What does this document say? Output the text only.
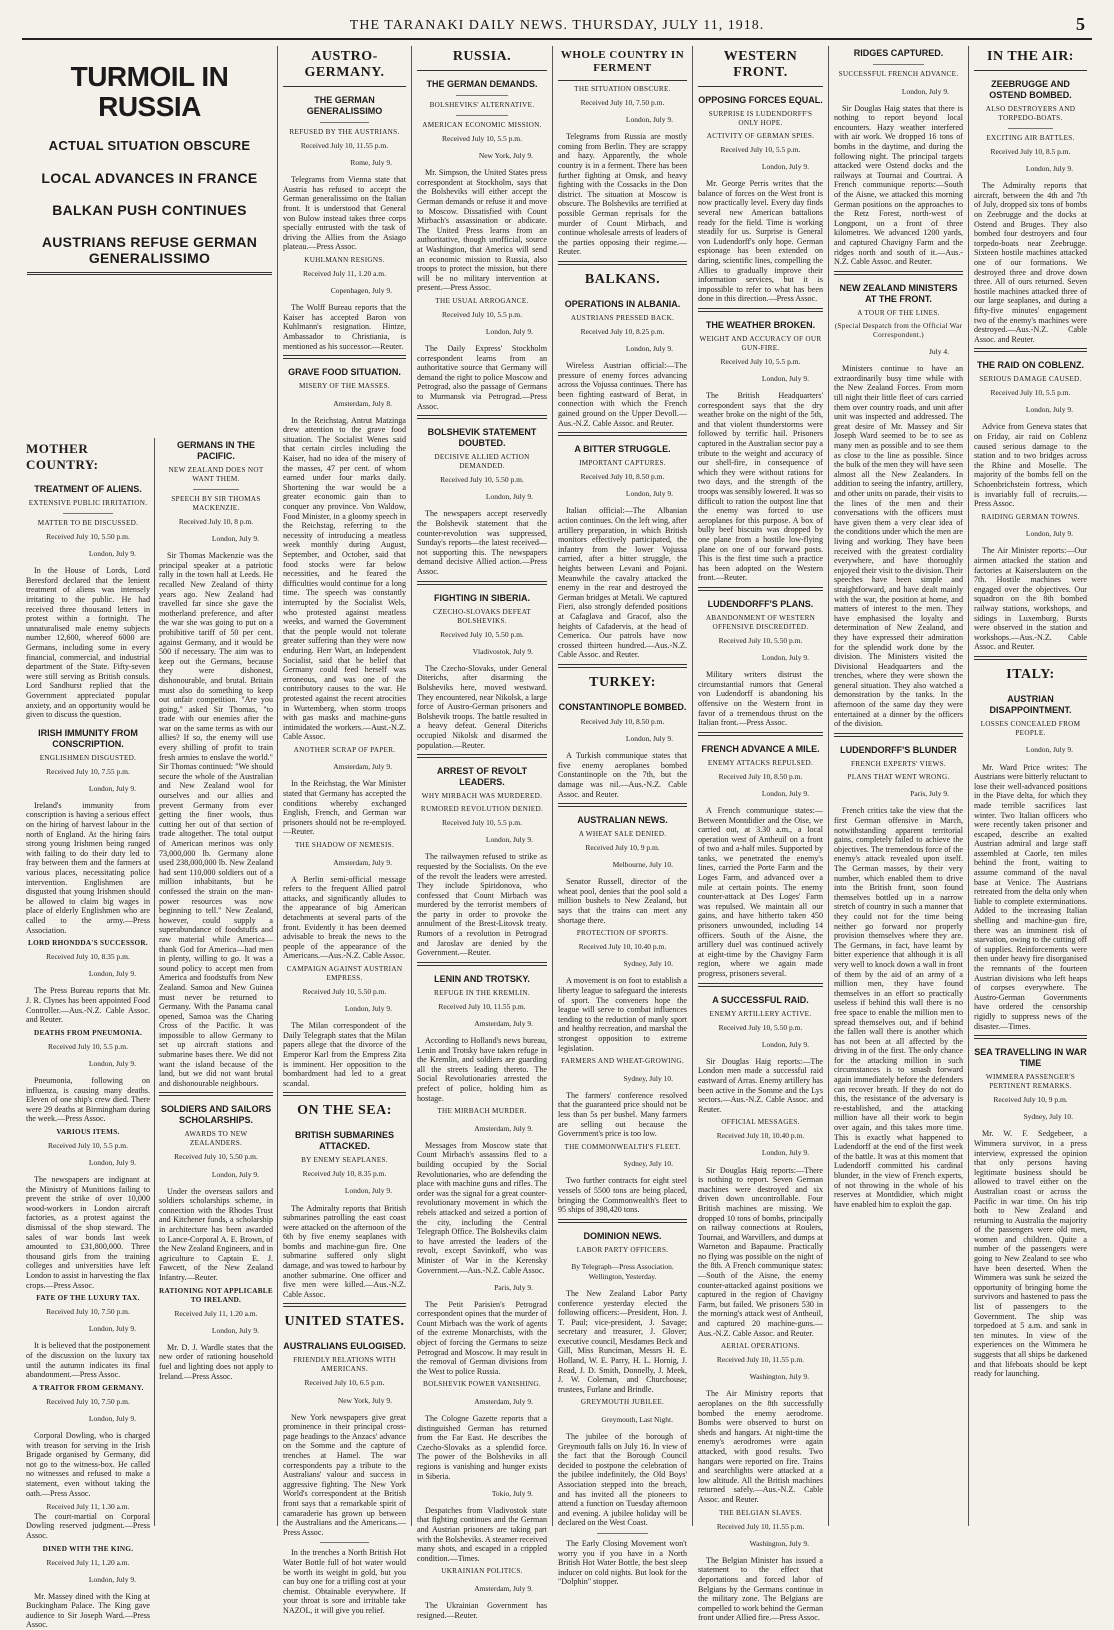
THE TARANAKI DAILY NEWS. THURSDAY, JULY 11, 1918.	5

TURMOIL IN RUSSIA

ACTUAL SITUATION OBSCURE

LOCAL ADVANCES IN FRANCE

BALKAN PUSH CONTINUES

AUSTRIANS REFUSE GERMAN GENERALISSIMO

MOTHER COUNTRY:

TREATMENT OF ALIENS.

EXTENSIVE PUBLIC IRRITATION.

MATTER TO BE DISCUSSED.

Received July 10, 5.50 p.m.

London, July 9.

In the House of Lords, Lord Beresford declared that the lenient treatment of aliens was intensely irritating to the public. He had received three thousand letters in protest within a fortnight. The unnaturalised male enemy subjects number 12,600, whereof 6000 are Germans, including some in every financial, commercial, and industrial department of the State. Fifty-seven were still serving as British consuls. Lord Sandhurst replied that the Government appreciated popular anxiety, and an opportunity would be given to discuss the question.

IRISH IMMUNITY FROM CONSCRIPTION.

ENGLISHMEN DISGUSTED.

Received July 10, 7.55 p.m.

London, July 9.

Ireland's immunity from conscription is having a serious effect on the hiring of harvest labour in the north of England. At the hiring fairs strong young Irishmen being ranged with failing to do their duty led to fray between them and the farmers at various places, necessitating police intervention. Englishmen are disgusted that young Irishmen should be allowed to claim big wages in place of elderly Englishmen who are called to the army.—Press Association.

LORD RHONDDA'S SUCCESSOR.

Received July 10, 8.35 p.m.

London, July 9.

The Press Bureau reports that Mr. J. R. Clynes has been appointed Food Controller.—Aus.-N.Z. Cable Assoc. and Reuter.

DEATHS FROM PNEUMONIA.

Received July 10, 5.5 p.m.

London, July 9.

Pneumonia, following on influenza, is causing many deaths. Eleven of one ship's crew died. There were 29 deaths at Birmingham during the week.—Press Assoc.

VARIOUS ITEMS.

Received July 10, 5.5 p.m.

London, July 9.

The newspapers are indignant at the Ministry of Munitions failing to prevent the strike of over 10,000 wood-workers in London aircraft factories, as a protest against the dismissal of the shop steward. The sales of war bonds last week amounted to £31,800,000. Three thousand girls from the training colleges and universities have left London to assist in harvesting the flax crops.—Press Assoc.

FATE OF THE LUXURY TAX.

Received July 10, 7.50 p.m.

London, July 9.

It is believed that the postponement of the discussion on the luxury tax until the autumn indicates its final abandonment.—Press Assoc.

A TRAITOR FROM GERMANY.

Received July 10, 7.50 p.m.

London, July 9.

Corporal Dowling, who is charged with treason for serving in the Irish Brigade organised by Germany, did not go to the witness-box. He called no witnesses and refused to make a statement, even without taking the oath.—Press Assoc.

Received July 11, 1.30 a.m.

The court-martial on Corporal Dowling reserved judgment.—Press Assoc.

DINED WITH THE KING.

Received July 11, 1.20 a.m.

London, July 9.

Mr. Massey dined with the King at Buckingham Palace. The King gave audience to Sir Joseph Ward.—Press Assoc.

GERMANS IN THE PACIFIC.

NEW ZEALAND DOES NOT WANT THEM.

SPEECH BY SIR THOMAS MACKENZIE.

Received July 10, 8 p.m.

London, July 9.

Sir Thomas Mackenzie was the principal speaker at a patriotic rally in the town hall at Leeds. He recalled New Zealand of thirty years ago. New Zealand had travelled far since she gave the motherland preference, and after the war she was going to put on a prohibitive tariff of 50 per cent. against Germany, and it would be 500 if necessary. The aim was to keep out the Germans, because they were dishonest, dishonourable, and brutal. Britain must also do something to keep out unfair competition. "Are you going," asked Sir Thomas, "to trade with our enemies after the war on the same terms as with our allies? If so, the enemy will use every shilling of profit to train fresh armies to enslave the world." Sir Thomas continued: "We should secure the whole of the Australian and New Zealand wool for ourselves and our allies and prevent Germany from ever getting the finer wools, thus cutting her out of that section of trade altogether. The total output of American merinos was only 73,000,000 lb. Germany alone used 238,000,000 lb. New Zealand had sent 110,000 soldiers out of a million inhabitants, but he confessed the strain on the man-power resources was now beginning to tell." New Zealand, however, could supply a superabundance of foodstuffs and raw material while America—thank God for America—had men in plenty, willing to go. It was a sound policy to accept men from America and foodstuffs from New Zealand. Samoa and New Guinea must never be returned to Germany. With the Panama canal opened, Samoa was the Charing Cross of the Pacific. It was impossible to allow Germany to set up aircraft stations and submarine bases there. We did not want the island because of the land, but we did not want brutal and dishonourable neighbours.

SOLDIERS AND SAILORS SCHOLARSHIPS.

AWARDS TO NEW ZEALANDERS.

Received July 10, 5.50 p.m.

London, July 9.

Under the overseas sailors and soldiers scholarships scheme, in connection with the Rhodes Trust and Kitchener funds, a scholarship in architecture has been awarded to Lance-Corporal A. E. Brown, of the New Zealand Engineers, and in agriculture to Captain E. J. Fawcett, of the New Zealand Infantry.—Reuter.

RATIONING NOT APPLICABLE TO IRELAND.

Received July 11, 1.20 a.m.

London, July 9.

Mr. D. J. Wardle states that the new order of rationing household fuel and lighting does not apply to Ireland.—Press Assoc.

AUSTRO-GERMANY.

THE GERMAN GENERALISSIMO

REFUSED BY THE AUSTRIANS.

Received July 10, 11.55 p.m.

Rome, July 9.

Telegrams from Vienna state that Austria has refused to accept the German generalissimo on the Italian front. It is understood that General von Bulow instead takes three corps specially entrusted with the task of driving the Allies from the Asiago plateau.—Press Assoc.

KUHLMANN RESIGNS.

Received July 11, 1.20 a.m.

Copenhagen, July 9.

The Wolff Bureau reports that the Kaiser has accepted Baron von Kuhlmann's resignation. Hintze, Ambassador to Christiania, is mentioned as his successor.—Reuter.

GRAVE FOOD SITUATION.

MISERY OF THE MASSES.

Amsterdam, July 8.

In the Reichstag, Antrut Matzinga drew attention to the grave food situation. The Socialist Wenes said that certain circles including the Kaiser, had no idea of the misery of the masses, 47 per cent. of whom earned under four marks daily. Shortening the war would be a greater economic gain than to conquer any province. Von Waldow, Food Minister, in a gloomy speech in the Reichstag, referring to the necessity of introducing a meatless week monthly during August, September, and October, said that food stocks were far below necessities, and he feared the difficulties would continue for a long time. The speech was constantly interrupted by the Socialist Wels, who protested against meatless weeks, and warned the Government that the people would not tolerate greater suffering than they were now enduring. Herr Wart, an Independent Socialist, said that he belief that Germany could feed herself was erroneous, and was one of the contributory causes to the war. He protested against the recent atrocities in Wurtemberg, when storm troops with gas masks and machine-guns intimidated the workers.—Aust.-N.Z. Cable Assoc.

ANOTHER SCRAP OF PAPER.

Amsterdam, July 9.

In the Reichstag, the War Minister stated that Germany has accepted the conditions whereby exchanged English, French, and German war prisoners should not be re-employed.—Reuter.

THE SHADOW OF NEMESIS.

Amsterdam, July 9.

A Berlin semi-official message refers to the frequent Allied patrol attacks, and significantly alludes to the appearance of big American detachments at several parts of the front. Evidently it has been deemed advisable to break the news to the people of the appearance of the Americans.—Aus.-N.Z. Cable Assoc.

CAMPAIGN AGAINST AUSTRIAN EMPRESS.

Received July 10, 5.50 p.m.

London, July 9.

The Milan correspondent of the Daily Telegraph states that the Milan papers allege that the divorce of the Emperor Karl from the Empress Zita is imminent. Her opposition to the bombardment had led to a great scandal.

ON THE SEA:

BRITISH SUBMARINES ATTACKED.

BY ENEMY SEAPLANES.

Received July 10, 8.35 p.m.

London, July 9.

The Admiralty reports that British submarines patrolling the east coast were attacked on the afternoon of the 6th by five enemy seaplanes with bombs and machine-gun fire. One submarine suffered only slight damage, and was towed to harbour by another submarine. One officer and five men were killed.—Aus.-N.Z. Cable Assoc.

UNITED STATES.

AUSTRALIANS EULOGISED.

FRIENDLY RELATIONS WITH AMERICANS.

Received July 10, 6.5 p.m.

New York, July 9.

New York newspapers give great prominence in their principal cross-page headings to the Anzacs' advance on the Somme and the capture of trenches at Hamel. The war correspondents pay a tribute to the Australians' valour and success in aggressive fighting. The New York World's correspondent at the British front says that a remarkable spirit of camaraderie has grown up between the Australians and the Americans.—Press Assoc.

In the trenches a North British Hot Water Bottle full of hot water would be worth its weight in gold, but you can buy one for a trifling cost at your chemist. Obtainable everywhere. If your throat is sore and irritable take NAZOL, it will give you relief.

RUSSIA.

THE GERMAN DEMANDS.

BOLSHEVIKS' ALTERNATIVE.

AMERICAN ECONOMIC MISSION.

Received July 10, 5.5 p.m.

New York, July 9.

Mr. Simpson, the United States press correspondent at Stockholm, says that the Bolsheviks will either accept the German demands or refuse it and move to Moscow. Dissatisfied with Count Mirbach's assassination or abdicate. The United Press learns from an authoritative, though unofficial, source at Washington, that America will send an economic mission to Russia, also troops to protect the mission, but there will be no military intervention at present.—Press Assoc.

THE USUAL ARROGANCE.

Received July 10, 5.5 p.m.

London, July 9.

The Daily Express' Stockholm correspondent learns from an authoritative source that Germany will demand the right to police Moscow and Petrograd, also the passage of Germans to Murmansk via Petrograd.—Press Assoc.

BOLSHEVIK STATEMENT DOUBTED.

DECISIVE ALLIED ACTION DEMANDED.

Received July 10, 5.50 p.m.

London, July 9.

The newspapers accept reservedly the Bolshevik statement that the counter-revolution was suppressed, Sunday's reports—the latest received—not supporting this. The newspapers demand decisive Allied action.—Press Assoc.

FIGHTING IN SIBERIA.

CZECHO-SLOVAKS DEFEAT BOLSHEVIKS.

Received July 10, 5.50 p.m.

Vladivostok, July 9.

The Czecho-Slovaks, under General Diterichs, after disarming the Bolsheviks here, moved westward. They encountered, near Nikolsk, a large force of Austro-German prisoners and Bolshevik troops. The battle resulted in a heavy defeat. General Diterichs occupied Nikolsk and disarmed the population.—Reuter.

ARREST OF REVOLT LEADERS.

WHY MIRBACH WAS MURDERED.

RUMORED REVOLUTION DENIED.

Received July 10, 5.5 p.m.

London, July 9.

The railwaymen refused to strike as requested by the Socialists. On the eve of the revolt the leaders were arrested. They include Spiridonova, who confessed that Count Mirbach was murdered by the terrorist members of the party in order to provoke the annulment of the Brest-Litovsk treaty. Rumors of a revolution in Petrograd and Jaroslav are denied by the Government.—Reuter.

LENIN AND TROTSKY.

REFUGE IN THE KREMLIN.

Received July 10, 11.55 p.m.

Amsterdam, July 9.

According to Holland's news bureau, Lenin and Trotsky have taken refuge in the Kremlin, and soldiers are guarding all the streets leading thereto. The Social Revolutionaries arrested the prefect of police, holding him as hostage.

THE MIRBACH MURDER.

Amsterdam, July 9.

Messages from Moscow state that Count Mirbach's assassins fled to a building occupied by the Social Revolutionaries, who are defending the place with machine guns and rifles. The order was the signal for a great counter-revolutionary movement in which the rebels attacked and seized a portion of the city, including the Central Telegraph Office. The Bolsheviks claim to have arrested the leaders of the revolt, except Savinkoff, who was Minister of War in the Kerensky Government.—Aus.-N.Z. Cable Assoc.

Paris, July 9.

The Petit Parisien's Petrograd correspondent opines that the murder of Count Mirbach was the work of agents of the extreme Monarchists, with the object of forcing the Germans to seize Petrograd and Moscow. It may result in the removal of German divisions from the West to police Russia.

BOLSHEVIK POWER VANISHING.

Amsterdam, July 9.

The Cologne Gazette reports that a distinguished German has returned from the Far East. He describes the Czecho-Slovaks as a splendid force. The power of the Bolsheviks in all regions is vanishing and hunger exists in Siberia.

Tokio, July 9.

Despatches from Vladivostok state that fighting continues and the German and Austrian prisoners are taking part with the Bolsheviks. A steamer received many shots, and escaped in a crippled condition.—Times.

UKRAINIAN POLITICS.

Amsterdam, July 9.

The Ukrainian Government has resigned.—Reuter.

WHOLE COUNTRY IN FERMENT

THE SITUATION OBSCURE.

Received July 10, 7.50 p.m.

London, July 9.

Telegrams from Russia are mostly coming from Berlin. They are scrappy and hazy. Apparently, the whole country is in a ferment. There has been further fighting at Omsk, and heavy fighting with the Cossacks in the Don district. The situation at Moscow is obscure. The Bolsheviks are terrified at possible German reprisals for the murder of Count Mirbach, and continue wholesale arrests of leaders of the parties opposing their regime.—Reuter.

BALKANS.

OPERATIONS IN ALBANIA.

AUSTRIANS PRESSED BACK.

Received July 10, 8.25 p.m.

London, July 9.

Wireless Austrian official:—The pressure of enemy forces advancing across the Vojussa continues. There has been fighting eastward of Berat, in connection with which the French gained ground on the Upper Devoll.—Aus.-N.Z. Cable Assoc. and Reuter.

A BITTER STRUGGLE.

IMPORTANT CAPTURES.

Received July 10, 8.50 p.m.

London, July 9.

Italian official:—The Albanian action continues. On the left wing, after artillery preparation, in which British monitors effectively participated, the infantry from the lower Vojussa carried, after a bitter struggle, the heights between Levani and Pojani. Meanwhile the cavalry attacked the enemy in the rear and destroyed the German bridges at Metali. We captured Fieri, also strongly defended positions at Cafaglava and Gracof, also the heights of Cafadervis, at the head of Cemerica. Our patrols have now crossed thirteen hundred.—Aus.-N.Z. Cable Assoc. and Reuter.

TURKEY:

CONSTANTINOPLE BOMBED.

Received July 10, 8.50 p.m.

London, July 9.

A Turkish communique states that five enemy aeroplanes bombed Constantinople on the 7th, but the damage was nil.—Aus.-N.Z. Cable Assoc. and Reuter.

AUSTRALIAN NEWS.

A WHEAT SALE DENIED.

Received July 10, 9 p.m.

Melbourne, July 10.

Senator Russell, director of the wheat pool, denies that the pool sold a million bushels to New Zealand, but says that the trains can meet any shortage there.

PROTECTION OF SPORTS.

Received July 10, 10.40 p.m.

Sydney, July 10.

A movement is on foot to establish a liberty league to safeguard the interests of sport. The conveners hope the league will serve to combat influences tending to the reduction of manly sport and healthy recreation, and marshal the strongest opposition to extreme legislation.

FARMERS AND WHEAT-GROWING.

Sydney, July 10.

The farmers' conference resolved that the guaranteed price should not be less than 5s per bushel. Many farmers are selling out because the Government's price is too low.

THE COMMONWEALTH'S FLEET.

Sydney, July 10.

Two further contracts for eight steel vessels of 5500 tons are being placed, bringing the Commonwealth's fleet to 95 ships of 398,420 tons.

DOMINION NEWS.

LABOR PARTY OFFICERS.

By Telegraph—Press Association. Wellington, Yesterday.

The New Zealand Labor Party conference yesterday elected the following officers:—President, Hon. J. T. Paul; vice-president, J. Savage; secretary and treasurer, J. Glover; executive council, Mesdames Beck and Gill, Miss Runciman, Messrs H. E. Holland, W. E. Parry, H. L. Hornig, J. Read, J. D. Smith, Donnelly, J. Meek, J. W. Coleman, and Churchouse; trustees, Furlane and Brindle.

GREYMOUTH JUBILEE.

Greymouth, Last Night.

The jubilee of the borough of Greymouth falls on July 16. In view of the fact that the Borough Council decided to postpone the celebration of the jubilee indefinitely, the Old Boys' Association stepped into the breach, and has invited all the pioneers to attend a function on Tuesday afternoon and evening. A jubilee holiday will be declared on the West Coast.

The Early Closing Movement won't worry you if you have in a North British Hot Water Bottle, the best sleep inducer on cold nights. But look for the "Dolphin" stopper.

WESTERN FRONT.

OPPOSING FORCES EQUAL.

SURPRISE IS LUDENDORFF'S ONLY HOPE.

ACTIVITY OF GERMAN SPIES.

Received July 10, 5.5 p.m.

London, July 9.

Mr. George Perris writes that the balance of forces on the West front is now practically level. Every day finds several new American battalions ready for the field. Time is working steadily for us. Surprise is General von Ludendorff's only hope. German espionage has been extended on daring, scientific lines, compelling the Allies to gradually improve their information services, but it is impossible to refer to what has been done in this direction.—Press Assoc.

THE WEATHER BROKEN.

WEIGHT AND ACCURACY OF OUR GUN-FIRE.

Received July 10, 5.5 p.m.

London, July 9.

The British Headquarters' correspondent says that the dry weather broke on the night of the 5th, and that violent thunderstorms were followed by terrific hail. Prisoners captured in the Australian sector pay a tribute to the weight and accuracy of our shell-fire, in consequence of which they were without rations for two days, and the strength of the troops was sensibly lowered. It was so difficult to ration the outpost line that the enemy was forced to use aeroplanes for this purpose. A box of bully beef biscuits was dropped by one plane from a hostile low-flying plane on one of our forward posts. This is the first time such a practice has been adopted on the Western front.—Reuter.

LUDENDORFF'S PLANS.

ABANDONMENT OF WESTERN OFFENSIVE DISCREDITED.

Received July 10, 5.50 p.m.

London, July 9.

Military writers distrust the circumstantial rumors that General von Ludendorff is abandoning his offensive on the Western front in favor of a tremendous thrust on the Italian front.—Press Assoc.

FRENCH ADVANCE A MILE.

ENEMY ATTACKS REPULSED.

Received July 10, 8.50 p.m.

London, July 9.

A French communique states:—Between Montdidier and the Oise, we carried out, at 3.30 a.m., a local operation west of Antheuil on a front of two and a-half miles. Supported by tanks, we penetrated the enemy's lines, carried the Porte Farm and the Loges Farm, and advanced over a mile at certain points. The enemy counter-attack at Des Loges' Farm was repulsed. We maintain all our gains, and have hitherto taken 450 prisoners unwounded, including 14 officers. South of the Aisne, the artillery duel was continued actively at eight-time by the Chavigny Farm region, where we again made progress, prisoners several.

A SUCCESSFUL RAID.

ENEMY ARTILLERY ACTIVE.

Received July 10, 5.50 p.m.

London, July 9.

Sir Douglas Haig reports:—The London men made a successful raid eastward of Arras. Enemy artillery has been active in the Somme and the Lys sectors.—Aus.-N.Z. Cable Assoc. and Reuter.

OFFICIAL MESSAGES.

Received July 10, 10.40 p.m.

London, July 9.

Sir Douglas Haig reports:—There is nothing to report. Seven German machines were destroyed and six driven down uncontrollable. Four British machines are missing. We dropped 10 tons of bombs, principally on railway connections at Roulers, Tournai, and Warvillers, and dumps at Warneton and Bapaume. Practically no flying was possible on the night of the 8th. A French communique states:—South of the Aisne, the enemy counter-attacked against positions we captured in the region of Chavigny Farm, but failed. We prisoners 530 in the morning's attack west of Antheuil, and captured 20 machine-guns.—Aus.-N.Z. Cable Assoc. and Reuter.

AERIAL OPERATIONS.

Received July 10, 11.55 p.m.

Washington, July 9.

The Air Ministry reports that aeroplanes on the 8th successfully bombed the enemy aerodrome. Bombs were observed to burst on sheds and hangars. At night-time the enemy's aerodromes were again attacked, with good results. Two hangars were reported on fire. Trains and searchlights were attacked at a low altitude. All the British machines returned safely.—Aus.-N.Z. Cable Assoc. and Reuter.

THE BELGIAN SLAVES.

Received July 10, 11.55 p.m.

Washington, July 9.

The Belgian Minister has issued a statement to the effect that deportations and forced labor of Belgians by the Germans continue in the military zone. The Belgians are compelled to work behind the German front under Allied fire.—Press Assoc.

RIDGES CAPTURED.

SUCCESSFUL FRENCH ADVANCE.

London, July 9.

Sir Douglas Haig states that there is nothing to report beyond local encounters. Hazy weather interfered with air work. We dropped 16 tons of bombs in the daytime, and during the following night. The principal targets attacked were Ostend docks and the railways at Tournai and Courtrai. A French communique reports:—South of the Aisne, we attacked this morning German positions on the approaches to the Retz Forest, north-west of Longpont, on a front of three kilometres. We advanced 1200 yards, and captured Chavigny Farm and the ridges north and south of it.—Aus.-N.Z. Cable Assoc. and Reuter.

NEW ZEALAND MINISTERS AT THE FRONT.

A TOUR OF THE LINES.

(Special Despatch from the Official War Correspondent.)

July 4.

Ministers continue to have an extraordinarily busy time while with the New Zealand Forces. From morn till night their little fleet of cars carried them over country roads, and unit after unit was inspected and addressed. The great desire of Mr. Massey and Sir Joseph Ward seemed to be to see as many men as possible and to see them as close to the line as possible. Since the bulk of the men they will have seen almost all the New Zealanders. In addition to seeing the infantry, artillery, and other units on parade, their visits to the lines of the men and their conversations with the officers must have given them a very clear idea of the conditions under which the men are living and working. They have been received with the greatest cordiality everywhere, and have thoroughly enjoyed their visit to the division. Their speeches have been simple and straightforward, and have dealt mainly with the war, the position at home, and matters of interest to the men. They have emphasised the loyalty and determination of New Zealand, and they have expressed their admiration for the splendid work done by the division. The Ministers visited the Divisional Headquarters and the trenches, where they were shown the general situation. They also watched a demonstration by the tanks. In the afternoon of the same day they were entertained at a dinner by the officers of the division.

LUDENDORFF'S BLUNDER

FRENCH EXPERTS' VIEWS.

PLANS THAT WENT WRONG.

Paris, July 9.

French critics take the view that the first German offensive in March, notwithstanding apparent territorial gains, completely failed to achieve the objectives. The tremendous force of the enemy's attack revealed upon itself. The German masses, by their very number, which enabled them to drive into the British front, soon found themselves bottled up in a narrow stretch of country in such a manner that they could not for the time being neither go forward nor properly provision themselves where they are. The Germans, in fact, have learnt by bitter experience that although it is all very well to knock down a wall in front of them by the aid of an army of a million men, they have found themselves in an effort so practically useless if behind this wall there is no free space to enable the million men to spread themselves out, and if behind the fallen wall there is another which has not been at all affected by the driving in of the first. The only chance for the attacking million in such circumstances is to smash forward again immediately before the defenders can recover breath. If they do not do this, the resistance of the adversary is re-established, and the attacking million have all their work to begin over again, and this takes more time. This is exactly what happened to Ludendorff at the end of the first week of the battle. It was at this moment that Ludendorff committed his cardinal blunder, in the view of French experts, of not throwing in the whole of his reserves at Montdidier, which might have enabled him to exploit the gap.

IN THE AIR:

ZEEBRUGGE AND OSTEND BOMBED.

ALSO DESTROYERS AND TORPEDO-BOATS.

EXCITING AIR BATTLES.

Received July 10, 8.5 p.m.

London, July 9.

The Admiralty reports that aircraft, between the 4th and 7th of July, dropped six tons of bombs on Zeebrugge and the docks at Ostend and Bruges. They also bombed four destroyers and four torpedo-boats near Zeebrugge. Sixteen hostile machines attacked one of our formations. We destroyed three and drove down three. All of ours returned. Seven hostile machines attacked three of our large seaplanes, and during a fifty-five minutes' engagement two of the enemy's machines were destroyed.—Aus.-N.Z. Cable Assoc. and Reuter.

THE RAID ON COBLENZ.

SERIOUS DAMAGE CAUSED.

Received July 10, 5.5 p.m.

London, July 9.

Advice from Geneva states that on Friday, air raid on Coblenz caused serious damage to the station and to two bridges across the Rhine and Moselle. The majority of the bombs fell on the Schoenbrichstein fortress, which is invariably full of recruits.—Press Assoc.

RAIDING GERMAN TOWNS.

London, July 9.

The Air Minister reports:—Our airmen attacked the station and factories at Kaiserslautern on the 7th. Hostile machines were engaged over the objectives. Our squadron on the 8th bombed railway stations, workshops, and sidings in Luxemburg. Bursts were observed in the station and workshops.—Aus.-N.Z. Cable Assoc. and Reuter.

ITALY:

AUSTRIAN DISAPPOINTMENT.

LOSSES CONCEALED FROM PEOPLE.

London, July 9.

Mr. Ward Price writes: The Austrians were bitterly reluctant to lose their well-advanced positions in the Piave delta, for which they made terrible sacrifices last winter. Two Italian officers who were recently taken prisoner and escaped, describe an exalted Austrian admiral and large staff assembled at Caorle, ten miles behind the front, waiting to assume command of the naval base at Venice. The Austrians retreated from the delta only when liable to complete exterminations. Added to the increasing Italian shelling and machine-gun fire, there was an imminent risk of starvation, owing to the cutting off of supplies. Reinforcements were then under heavy fire disorganised the remnants of the fourteen Austrian divisions who left heaps of corpses everywhere. The Austro-German Governments have ordered the censorship rigidly to suppress news of the disaster.—Times.

SEA TRAVELLING IN WAR TIME

WIMMERA PASSENGER'S PERTINENT REMARKS.

Received July 10, 9 p.m.

Sydney, July 10.

Mr. W. F. Sedgebeer, a Wimmera survivor, in a press interview, expressed the opinion that only persons having legitimate business should be allowed to travel either on the Australian coast or across the Pacific in war time. On his trip both to New Zealand and returning to Australia the majority of the passengers were old men, women and children. Quite a number of the passengers were going to New Zealand to see who have been deserted. When the Wimmera was sunk he seized the opportunity of bringing home the survivors and hastened to pass the list of passengers to the Government. The ship was torpedoed at 5 a.m. and sank in ten minutes. In view of the experiences on the Wimmera he suggests that all ships be darkened and that lifeboats should be kept ready for launching.
